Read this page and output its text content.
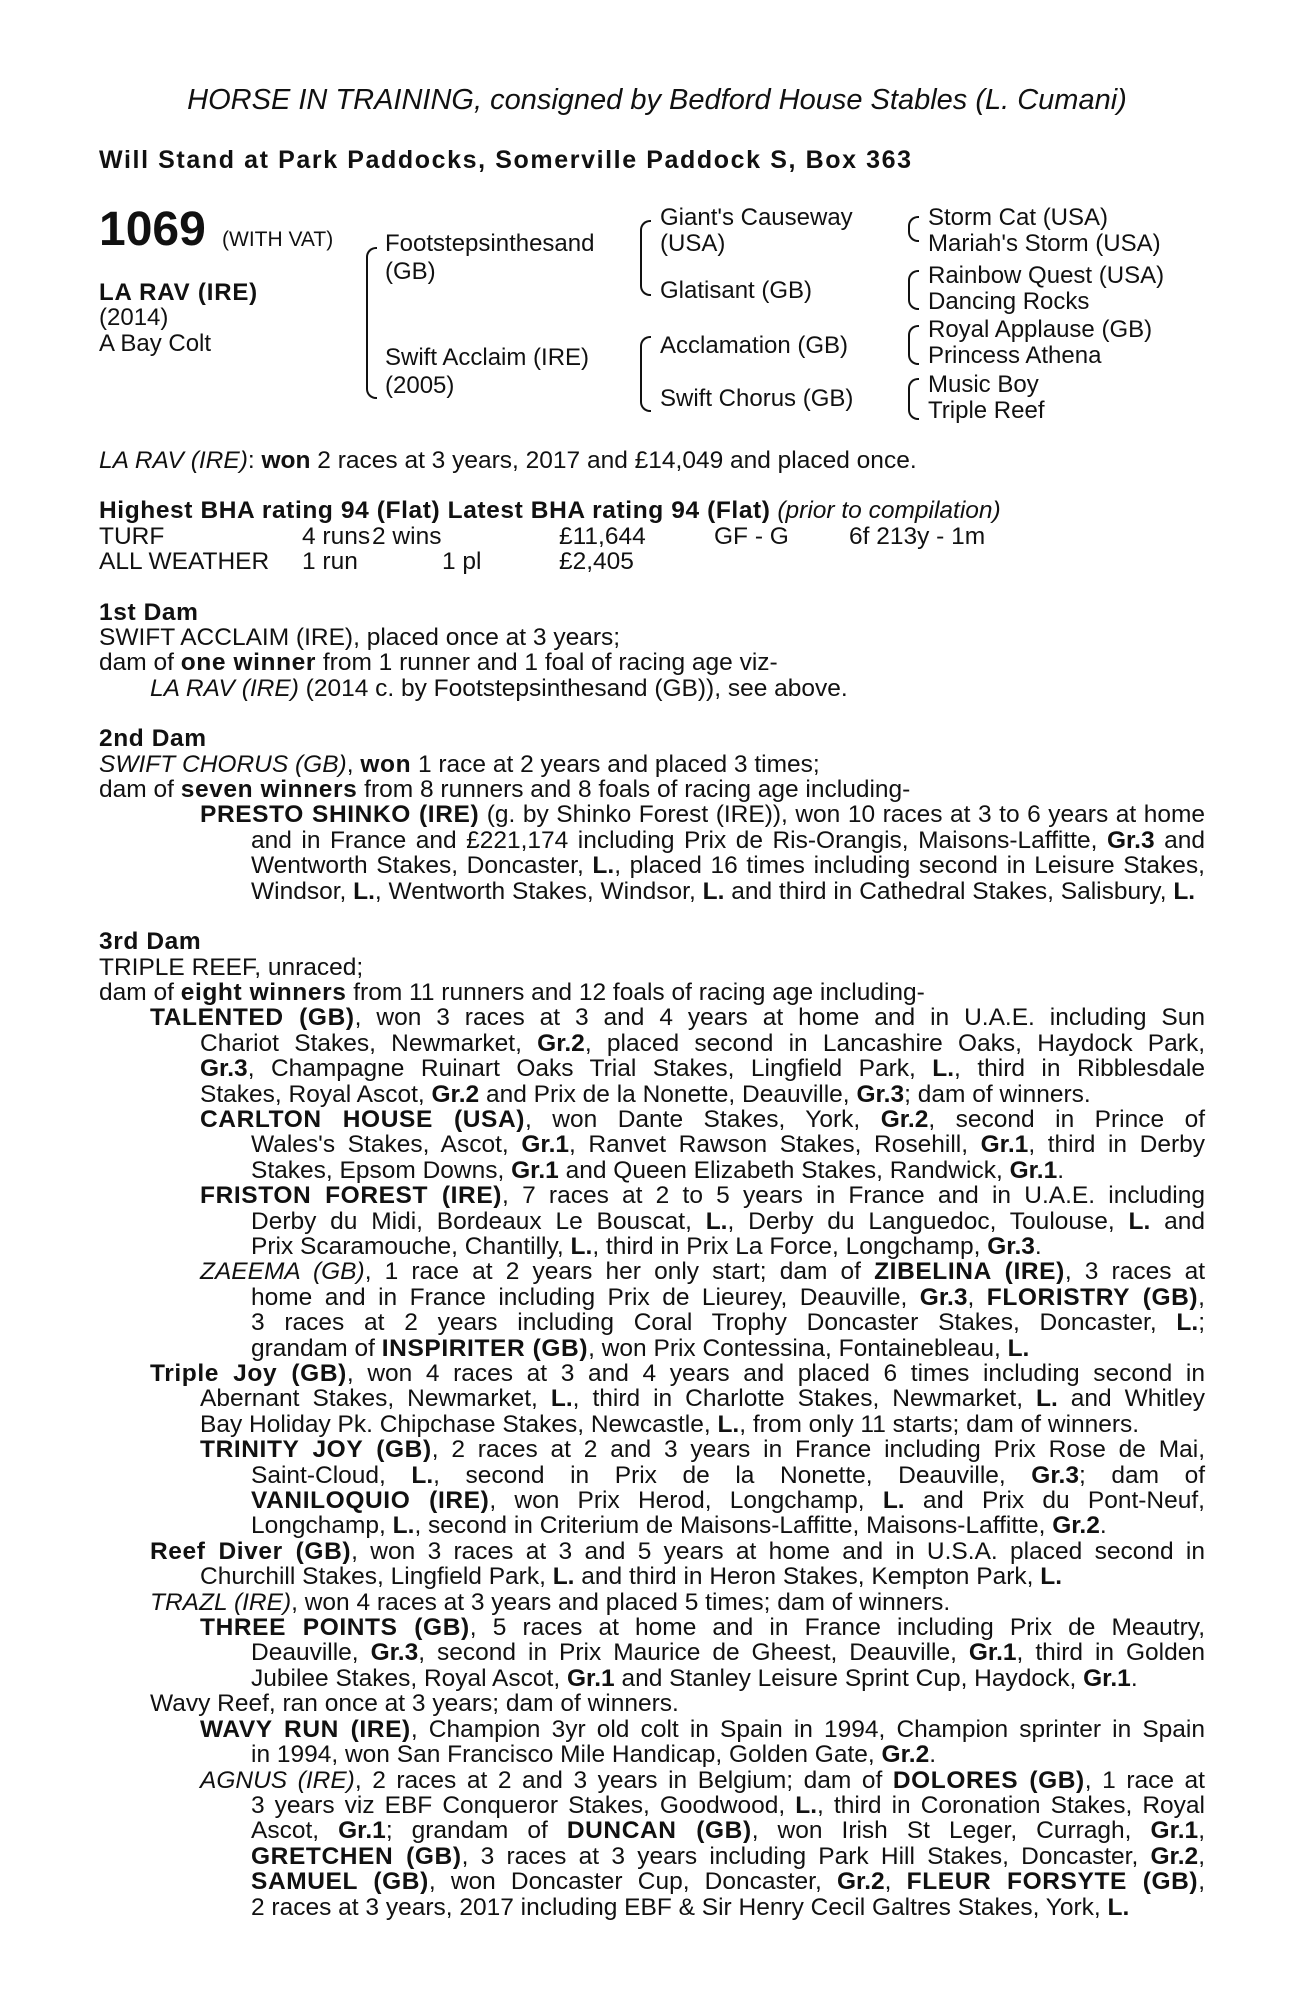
HORSE IN TRAINING, consigned by Bedford House Stables (L. Cumani)
Will Stand at Park Paddocks, Somerville Paddock S, Box 363
1069 (WITH VAT)
LA RAV (IRE)
(2014)
A Bay Colt
Footstepsinthesand
(GB)
Swift Acclaim (IRE)
(2005)
Giant's Causeway
(USA)
Glatisant (GB)
Acclamation (GB)
Swift Chorus (GB)
Storm Cat (USA)
Mariah's Storm (USA)
Rainbow Quest (USA)
Dancing Rocks
Royal Applause (GB)
Princess Athena
Music Boy
Triple Reef
LA RAV (IRE): won 2 races at 3 years, 2017 and £14,049 and placed once.
Highest BHA rating 94 (Flat) Latest BHA rating 94 (Flat) (prior to compilation)
TURF	4 runs 2 wins	£11,644	GF - G	6f 213y - 1m
ALL WEATHER	1 run	1 pl	£2,405
1st Dam
SWIFT ACCLAIM (IRE), placed once at 3 years;
dam of one winner from 1 runner and 1 foal of racing age viz-
LA RAV (IRE) (2014 c. by Footstepsinthesand (GB)), see above.
2nd Dam
SWIFT CHORUS (GB), won 1 race at 2 years and placed 3 times;
dam of seven winners from 8 runners and 8 foals of racing age including-
PRESTO SHINKO (IRE) (g. by Shinko Forest (IRE)), won 10 races at 3 to 6 years at home
and in France and £221,174 including Prix de Ris-Orangis, Maisons-Laffitte, Gr.3 and
Wentworth Stakes, Doncaster, L., placed 16 times including second in Leisure Stakes,
Windsor, L., Wentworth Stakes, Windsor, L. and third in Cathedral Stakes, Salisbury, L.
3rd Dam
TRIPLE REEF, unraced;
dam of eight winners from 11 runners and 12 foals of racing age including-
TALENTED (GB), won 3 races at 3 and 4 years at home and in U.A.E. including Sun
Chariot Stakes, Newmarket, Gr.2, placed second in Lancashire Oaks, Haydock Park,
Gr.3, Champagne Ruinart Oaks Trial Stakes, Lingfield Park, L., third in Ribblesdale
Stakes, Royal Ascot, Gr.2 and Prix de la Nonette, Deauville, Gr.3; dam of winners.
CARLTON HOUSE (USA), won Dante Stakes, York, Gr.2, second in Prince of
Wales's Stakes, Ascot, Gr.1, Ranvet Rawson Stakes, Rosehill, Gr.1, third in Derby
Stakes, Epsom Downs, Gr.1 and Queen Elizabeth Stakes, Randwick, Gr.1.
FRISTON FOREST (IRE), 7 races at 2 to 5 years in France and in U.A.E. including
Derby du Midi, Bordeaux Le Bouscat, L., Derby du Languedoc, Toulouse, L. and
Prix Scaramouche, Chantilly, L., third in Prix La Force, Longchamp, Gr.3.
ZAEEMA (GB), 1 race at 2 years her only start; dam of ZIBELINA (IRE), 3 races at
home and in France including Prix de Lieurey, Deauville, Gr.3, FLORISTRY (GB),
3 races at 2 years including Coral Trophy Doncaster Stakes, Doncaster, L.;
grandam of INSPIRITER (GB), won Prix Contessina, Fontainebleau, L.
Triple Joy (GB), won 4 races at 3 and 4 years and placed 6 times including second in
Abernant Stakes, Newmarket, L., third in Charlotte Stakes, Newmarket, L. and Whitley
Bay Holiday Pk. Chipchase Stakes, Newcastle, L., from only 11 starts; dam of winners.
TRINITY JOY (GB), 2 races at 2 and 3 years in France including Prix Rose de Mai,
Saint-Cloud, L., second in Prix de la Nonette, Deauville, Gr.3; dam of
VANILOQUIO (IRE), won Prix Herod, Longchamp, L. and Prix du Pont-Neuf,
Longchamp, L., second in Criterium de Maisons-Laffitte, Maisons-Laffitte, Gr.2.
Reef Diver (GB), won 3 races at 3 and 5 years at home and in U.S.A. placed second in
Churchill Stakes, Lingfield Park, L. and third in Heron Stakes, Kempton Park, L.
TRAZL (IRE), won 4 races at 3 years and placed 5 times; dam of winners.
THREE POINTS (GB), 5 races at home and in France including Prix de Meautry,
Deauville, Gr.3, second in Prix Maurice de Gheest, Deauville, Gr.1, third in Golden
Jubilee Stakes, Royal Ascot, Gr.1 and Stanley Leisure Sprint Cup, Haydock, Gr.1.
Wavy Reef, ran once at 3 years; dam of winners.
WAVY RUN (IRE), Champion 3yr old colt in Spain in 1994, Champion sprinter in Spain
in 1994, won San Francisco Mile Handicap, Golden Gate, Gr.2.
AGNUS (IRE), 2 races at 2 and 3 years in Belgium; dam of DOLORES (GB), 1 race at
3 years viz EBF Conqueror Stakes, Goodwood, L., third in Coronation Stakes, Royal
Ascot, Gr.1; grandam of DUNCAN (GB), won Irish St Leger, Curragh, Gr.1,
GRETCHEN (GB), 3 races at 3 years including Park Hill Stakes, Doncaster, Gr.2,
SAMUEL (GB), won Doncaster Cup, Doncaster, Gr.2, FLEUR FORSYTE (GB),
2 races at 3 years, 2017 including EBF & Sir Henry Cecil Galtres Stakes, York, L.
